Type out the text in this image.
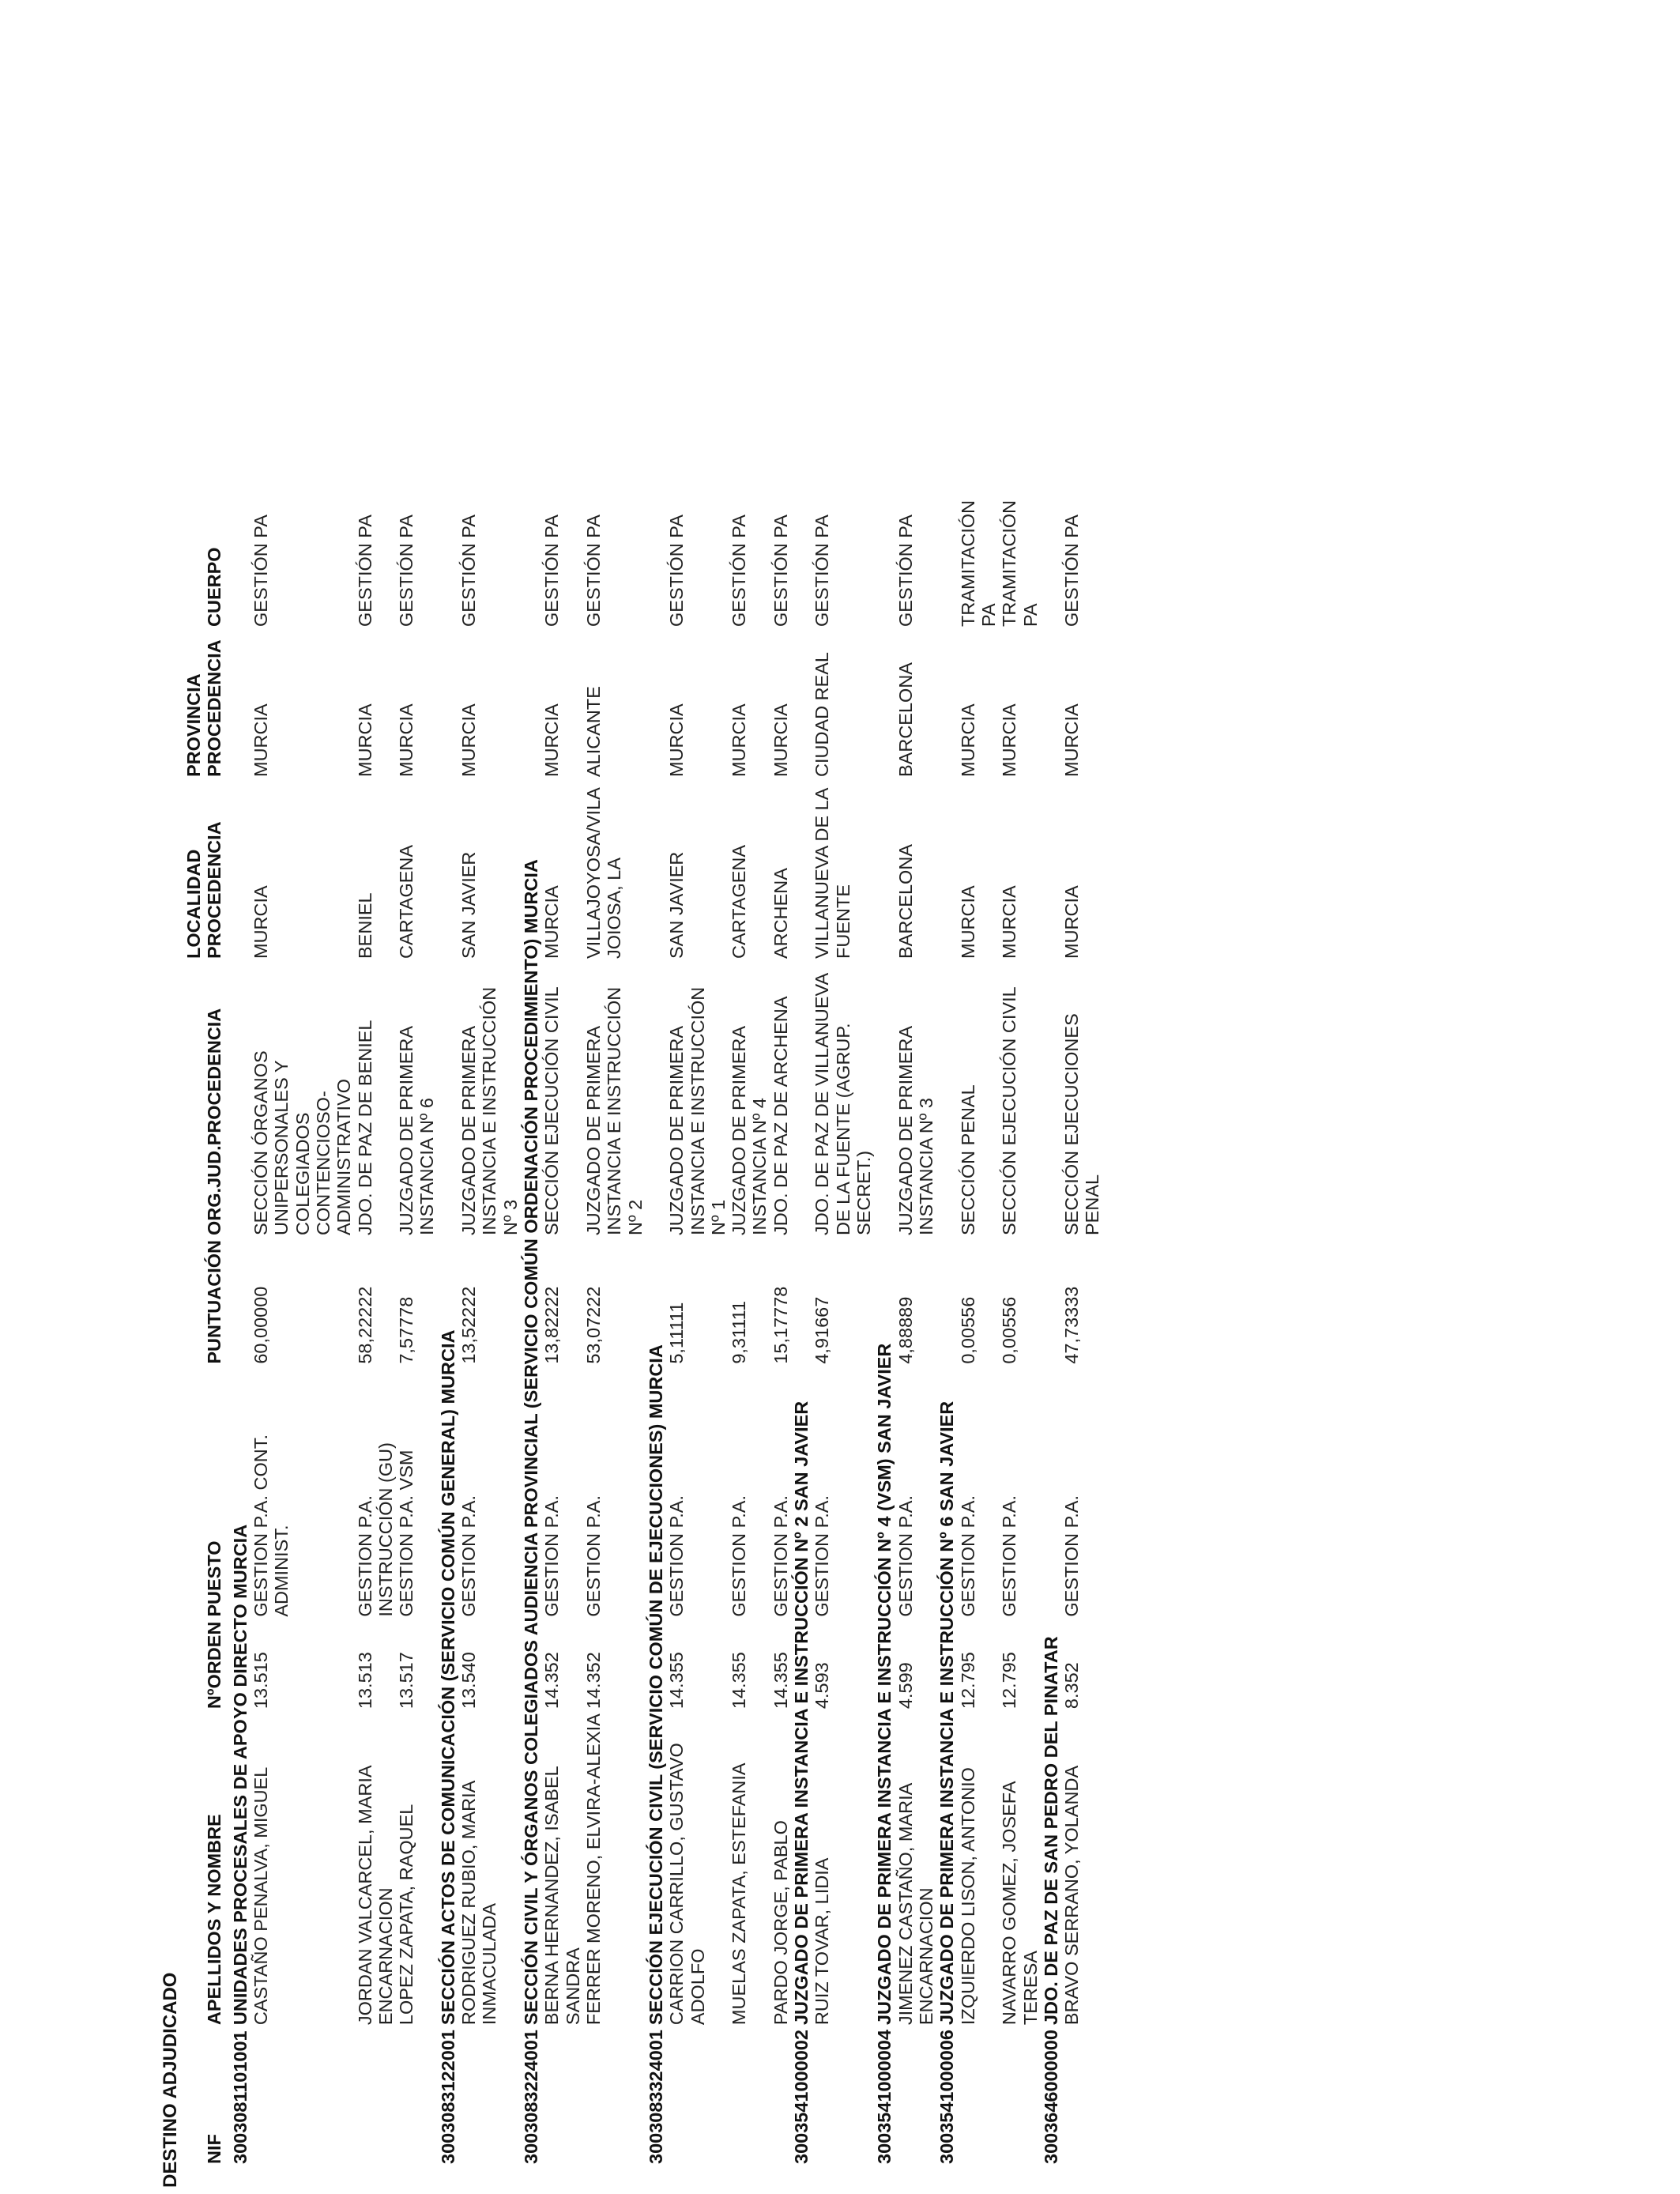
DESTINO ADJUDICADO NIF	APELLIDOS Y NOMBRE	NºORDEN	PUESTO	PUNTUACIÓN	ORG.JUD.PROCEDENCIA	LOCALIDAD PROCEDENCIA	PROVINCIA PROCEDENCIA	CUERPO
3003081101001	UNIDADES PROCESALES DE APOYO DIRECTO MURCIA							
	CASTAÑO PENALVA, MIGUEL	13.515	GESTION P.A. CONT. ADMINIST.	60,00000	SECCIÓN ÓRGANOS UNIPERSONALES Y COLEGIADOS CONTENCIOSO-ADMINISTRATIVO	MURCIA	MURCIA	GESTIÓN PA
	JORDAN VALCARCEL, MARIA ENCARNACION	13.513	GESTION P.A. INSTRUCCIÓN (GU)	58,22222	JDO. DE PAZ DE BENIEL	BENIEL	MURCIA	GESTIÓN PA
	LOPEZ ZAPATA, RAQUEL	13.517	GESTION P.A. VSM	7,57778	JUZGADO DE PRIMERA INSTANCIA Nº 6	CARTAGENA	MURCIA	GESTIÓN PA
3003083122001	SECCIÓN ACTOS DE COMUNICACIÓN (SERVICIO COMÚN GENERAL) MURCIA							
	RODRIGUEZ RUBIO, MARIA INMACULADA	13.540	GESTION P.A.	13,52222	JUZGADO DE PRIMERA INSTANCIA E INSTRUCCIÓN Nº 3	SAN JAVIER	MURCIA	GESTIÓN PA
3003083224001	SECCIÓN CIVIL Y ÓRGANOS COLEGIADOS AUDIENCIA PROVINCIAL (SERVICIO COMÚN ORDENACIÓN PROCEDIMIENTO) MURCIA							
	BERNA HERNANDEZ, ISABEL SANDRA	14.352	GESTION P.A.	13,82222	SECCIÓN EJECUCIÓN CIVIL	MURCIA	MURCIA	GESTIÓN PA
	FERRER MORENO, ELVIRA-ALEXIA	14.352	GESTION P.A.	53,07222	JUZGADO DE PRIMERA INSTANCIA E INSTRUCCIÓN Nº 2	VILLAJOYOSA/VILA JOIOSA, LA	ALICANTE	GESTIÓN PA
3003083324001	SECCIÓN EJECUCIÓN CIVIL (SERVICIO COMÚN DE EJECUCIONES) MURCIA							
	CARRION CARRILLO, GUSTAVO ADOLFO	14.355	GESTION P.A.	5,11111	JUZGADO DE PRIMERA INSTANCIA E INSTRUCCIÓN Nº 1	SAN JAVIER	MURCIA	GESTIÓN PA
	MUELAS ZAPATA, ESTEFANIA	14.355	GESTION P.A.	9,31111	JUZGADO DE PRIMERA INSTANCIA Nº 4	CARTAGENA	MURCIA	GESTIÓN PA
	PARDO JORGE, PABLO	14.355	GESTION P.A.	15,17778	JDO. DE PAZ DE ARCHENA	ARCHENA	MURCIA	GESTIÓN PA
3003541000002	JUZGADO DE PRIMERA INSTANCIA E INSTRUCCIÓN Nº 2 SAN JAVIER							
	RUIZ TOVAR, LIDIA	4.593	GESTION P.A.	4,91667	JDO. DE PAZ DE VILLANUEVA DE LA FUENTE (AGRUP. SECRET.)	VILLANUEVA DE LA FUENTE	CIUDAD REAL	GESTIÓN PA
3003541000004	JUZGADO DE PRIMERA INSTANCIA E INSTRUCCIÓN Nº 4 (VSM) SAN JAVIER							
	JIMENEZ CASTAÑO, MARIA ENCARNACION	4.599	GESTION P.A.	4,88889	JUZGADO DE PRIMERA INSTANCIA Nº 3	BARCELONA	BARCELONA	GESTIÓN PA
3003541000006	JUZGADO DE PRIMERA INSTANCIA E INSTRUCCIÓN Nº 6 SAN JAVIER							
	IZQUIERDO LISON, ANTONIO	12.795	GESTION P.A.	0,00556	SECCIÓN PENAL	MURCIA	MURCIA	TRAMITACIÓN PA
	NAVARRO GOMEZ, JOSEFA TERESA	12.795	GESTION P.A.	0,00556	SECCIÓN EJECUCIÓN CIVIL	MURCIA	MURCIA	TRAMITACIÓN PA
3003646000000	JDO. DE PAZ DE SAN PEDRO DEL PINATAR							
	BRAVO SERRANO, YOLANDA	8.352	GESTION P.A.	47,73333	SECCIÓN EJECUCIONES PENAL	MURCIA	MURCIA	GESTIÓN PA
